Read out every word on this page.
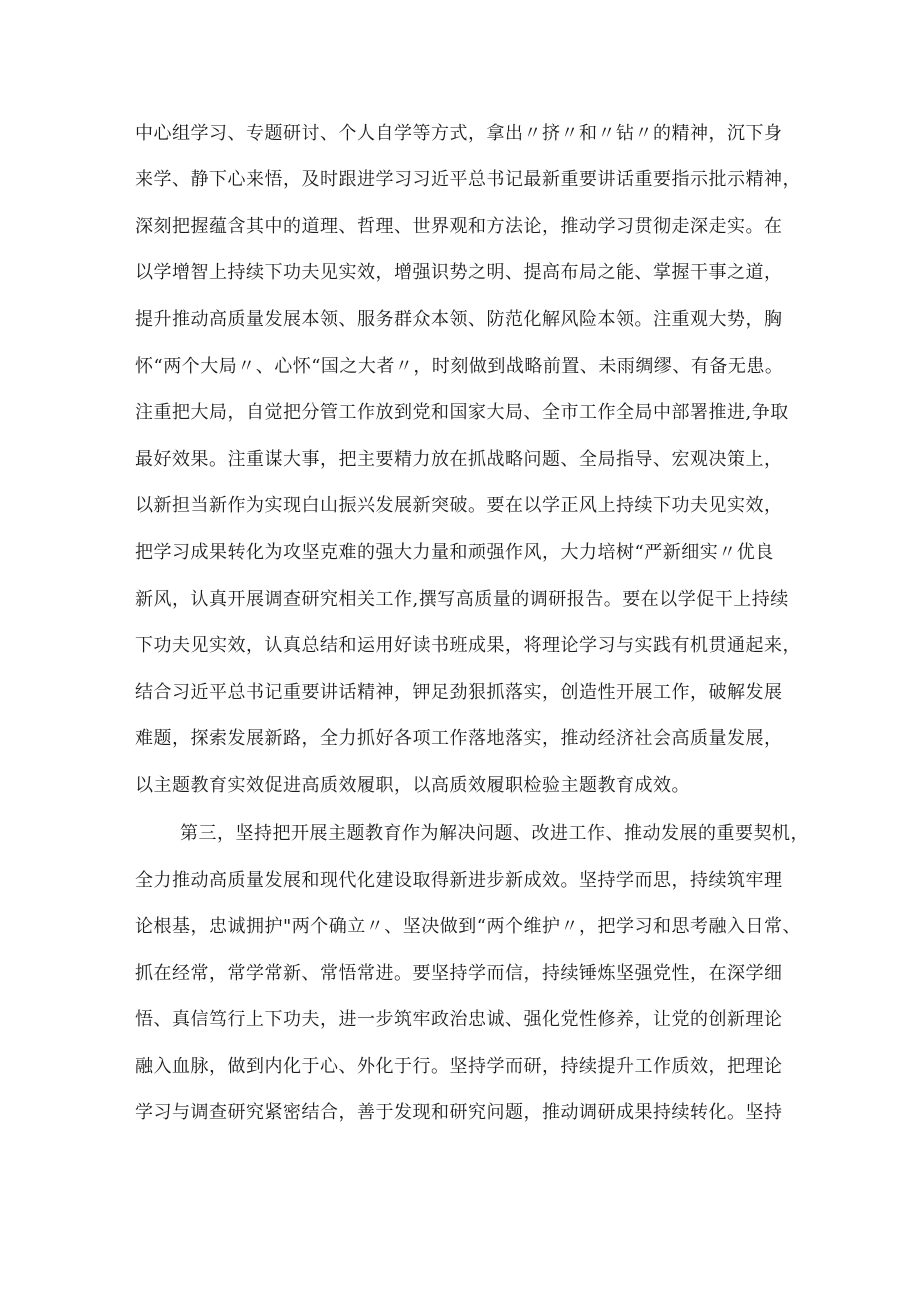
中心组学习、专题研讨、个人自学等方式，拿出〃挤〃和〃钻〃的精神，沉下身
来学、静下心来悟，及时跟进学习习近平总书记最新重要讲话重要指示批示精神，
深刻把握蕴含其中的道理、哲理、世界观和方法论，推动学习贯彻走深走实。在
以学增智上持续下功夫见实效，增强识势之明、提高布局之能、掌握干事之道，
提升推动高质量发展本领、服务群众本领、防范化解风险本领。注重观大势，胸
怀“两个大局〃、心怀“国之大者〃，时刻做到战略前置、未雨绸缪、有备无患。
注重把大局，自觉把分管工作放到党和国家大局、全市工作全局中部署推进,争取
最好效果。注重谋大事，把主要精力放在抓战略问题、全局指导、宏观决策上，
以新担当新作为实现白山振兴发展新突破。要在以学正风上持续下功夫见实效，
把学习成果转化为攻坚克难的强大力量和顽强作风，大力培树“严新细实〃优良
新风，认真开展调查研究相关工作,撰写高质量的调研报告。要在以学促干上持续
下功夫见实效，认真总结和运用好读书班成果，将理论学习与实践有机贯通起来，
结合习近平总书记重要讲话精神，钾足劲狠抓落实，创造性开展工作，破解发展
难题，探索发展新路，全力抓好各项工作落地落实，推动经济社会高质量发展，
以主题教育实效促进高质效履职，以高质效履职检验主题教育成效。
第三，坚持把开展主题教育作为解决问题、改进工作、推动发展的重要契机，
全力推动高质量发展和现代化建设取得新进步新成效。坚持学而思，持续筑牢理
论根基，忠诚拥护"两个确立〃、坚决做到“两个维护〃，把学习和思考融入日常、
抓在经常，常学常新、常悟常进。要坚持学而信，持续锤炼坚强党性，在深学细
悟、真信笃行上下功夫，进一步筑牢政治忠诚、强化党性修养，让党的创新理论
融入血脉，做到内化于心、外化于行。坚持学而研，持续提升工作质效，把理论
学习与调查研究紧密结合，善于发现和研究问题，推动调研成果持续转化。坚持
